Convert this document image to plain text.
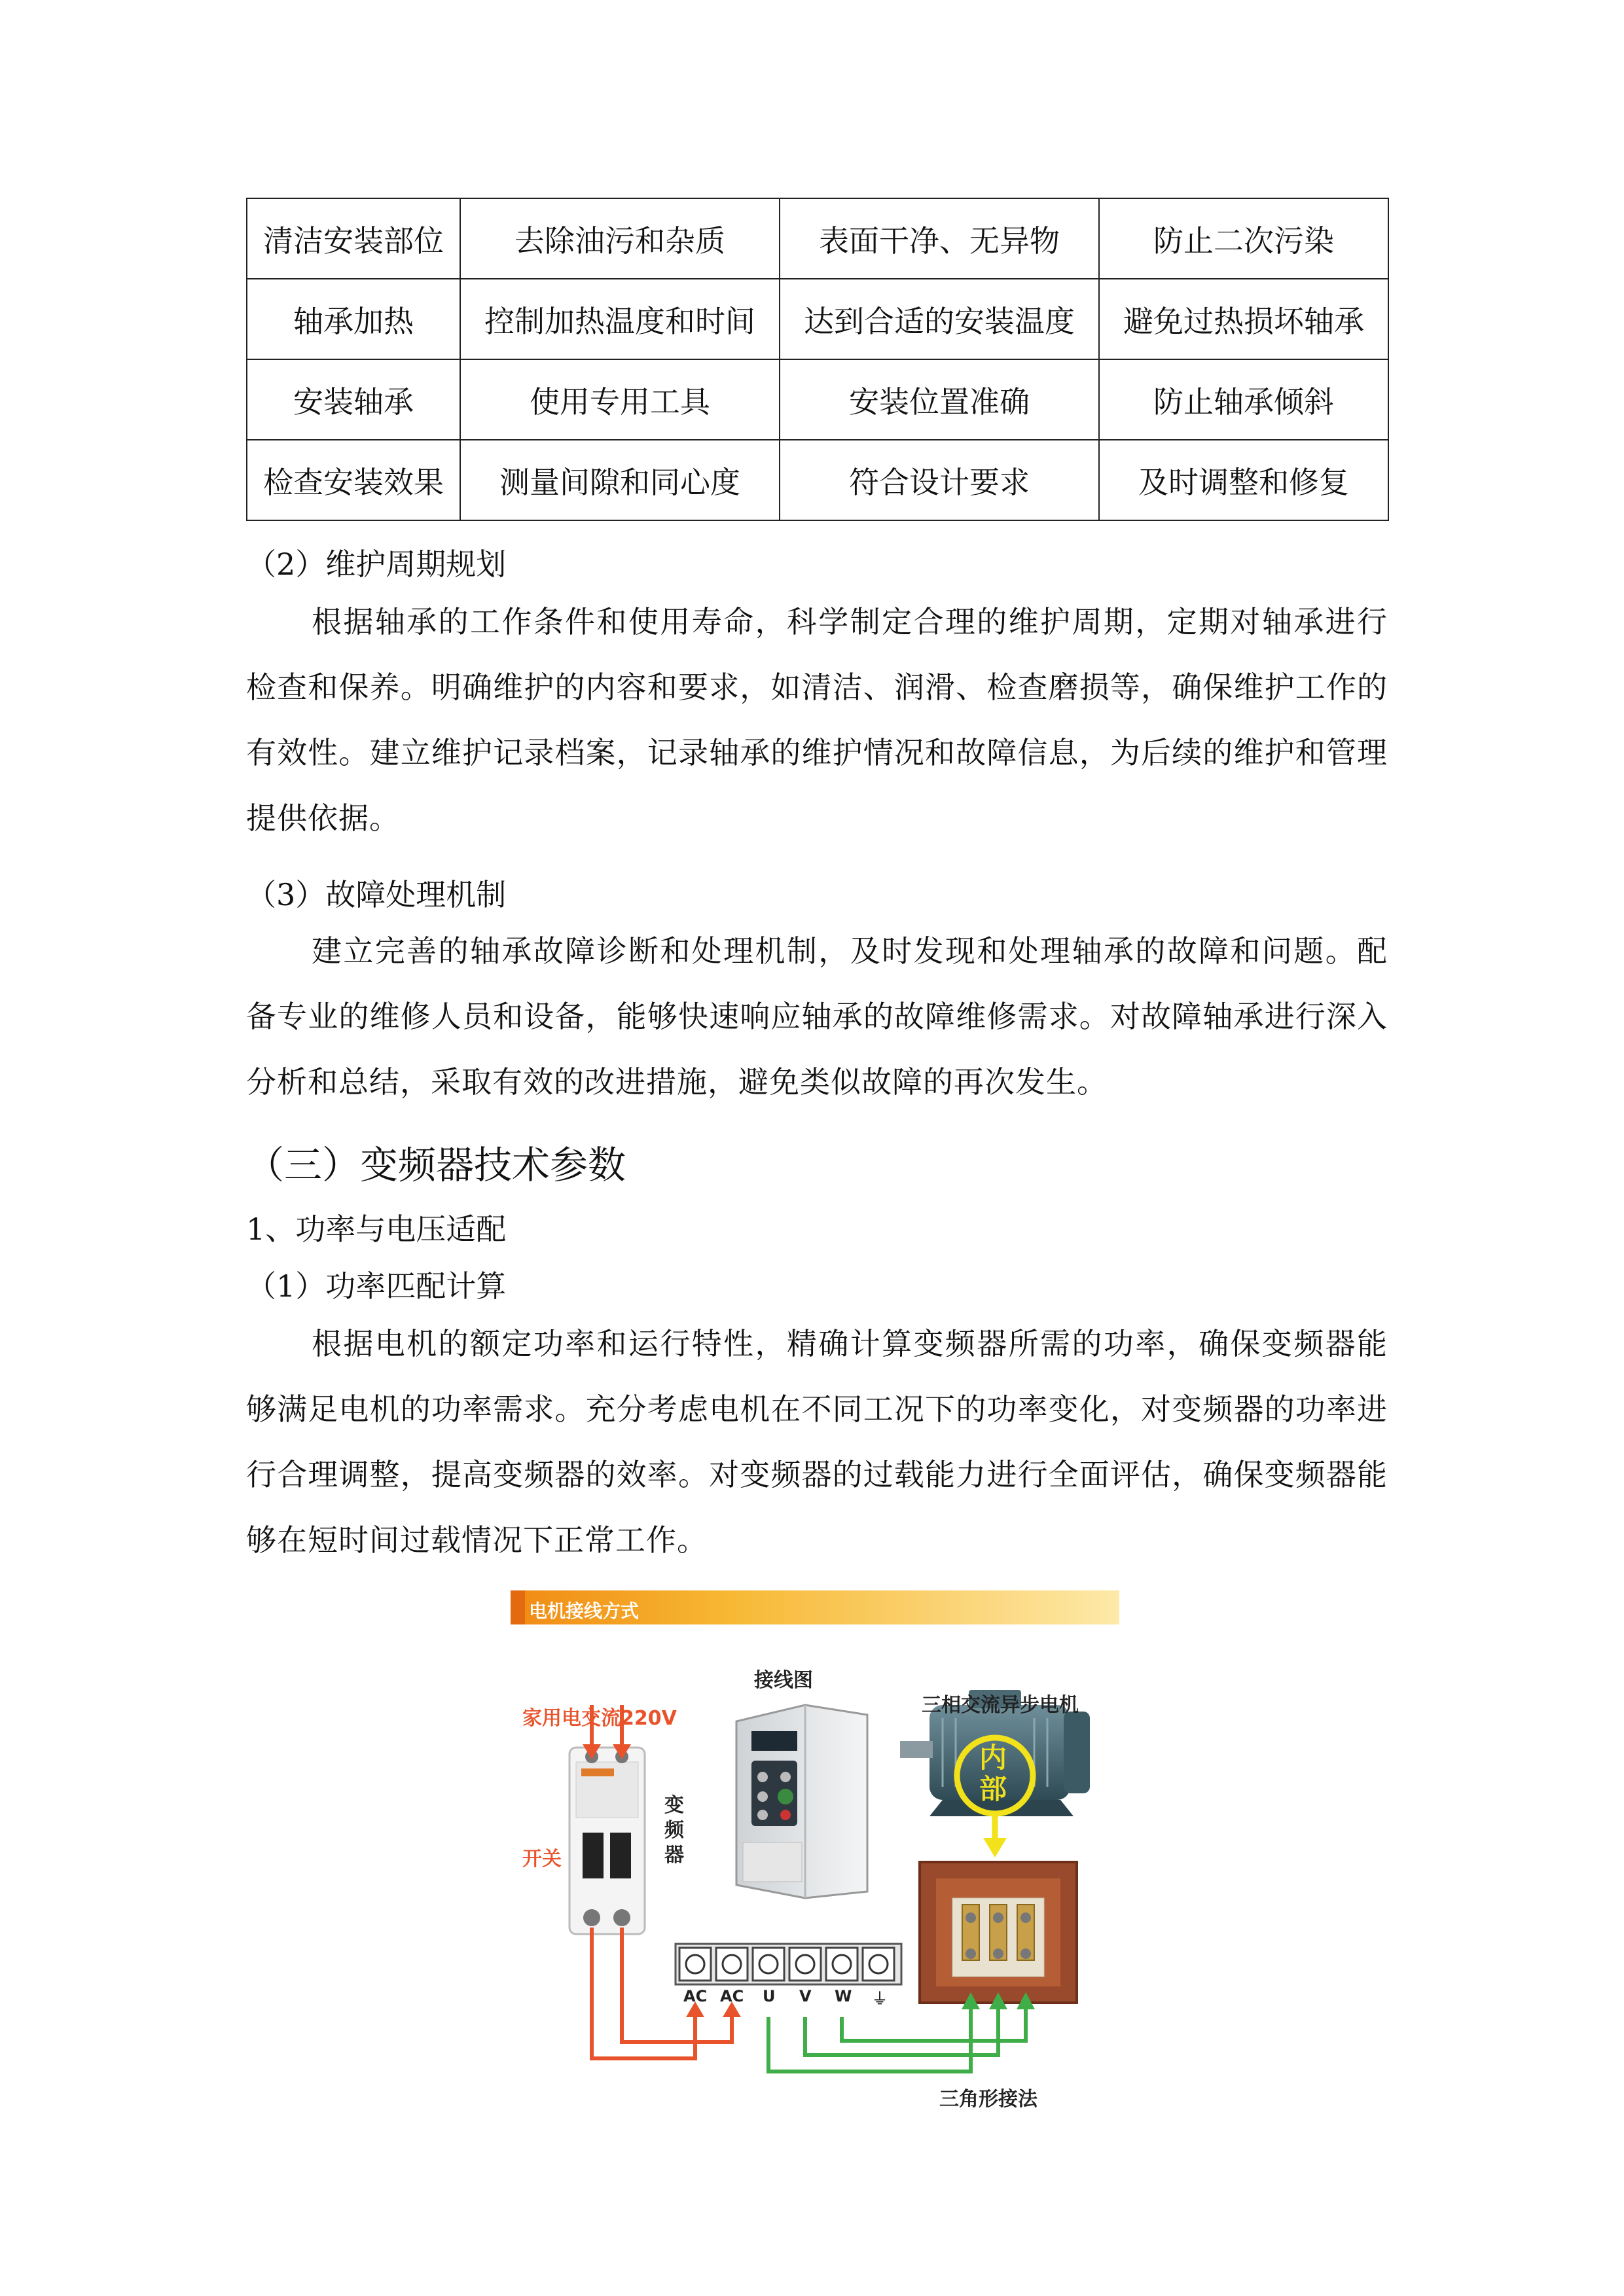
清洁安装部位	去除油污和杂质	表面干净、无异物	防止二次污染
轴承加热	控制加热温度和时间	达到合适的安装温度	避免过热损坏轴承
安装轴承	使用专用工具	安装位置准确	防止轴承倾斜
检查安装效果	测量间隙和同心度	符合设计要求	及时调整和修复
（2）维护周期规划
根据轴承的工作条件和使用寿命，科学制定合理的维护周期，定期对轴承进行检查和保养。明确维护的内容和要求，如清洁、润滑、检查磨损等，确保维护工作的有效性。建立维护记录档案，记录轴承的维护情况和故障信息，为后续的维护和管理提供依据。
（3）故障处理机制
建立完善的轴承故障诊断和处理机制，及时发现和处理轴承的故障和问题。配备专业的维修人员和设备，能够快速响应轴承的故障维修需求。对故障轴承进行深入分析和总结，采取有效的改进措施，避免类似故障的再次发生。
（三）变频器技术参数
1、功率与电压适配
（1）功率匹配计算
根据电机的额定功率和运行特性，精确计算变频器所需的功率，确保变频器能够满足电机的功率需求。充分考虑电机在不同工况下的功率变化，对变频器的功率进行合理调整，提高变频器的效率。对变频器的过载能力进行全面评估，确保变频器能够在短时间过载情况下正常工作。
电机接线方式
接线图
家用电交流220V
开关
变频器
三相交流异步电机
内部
三角形接法
AC AC U V W ⏚
